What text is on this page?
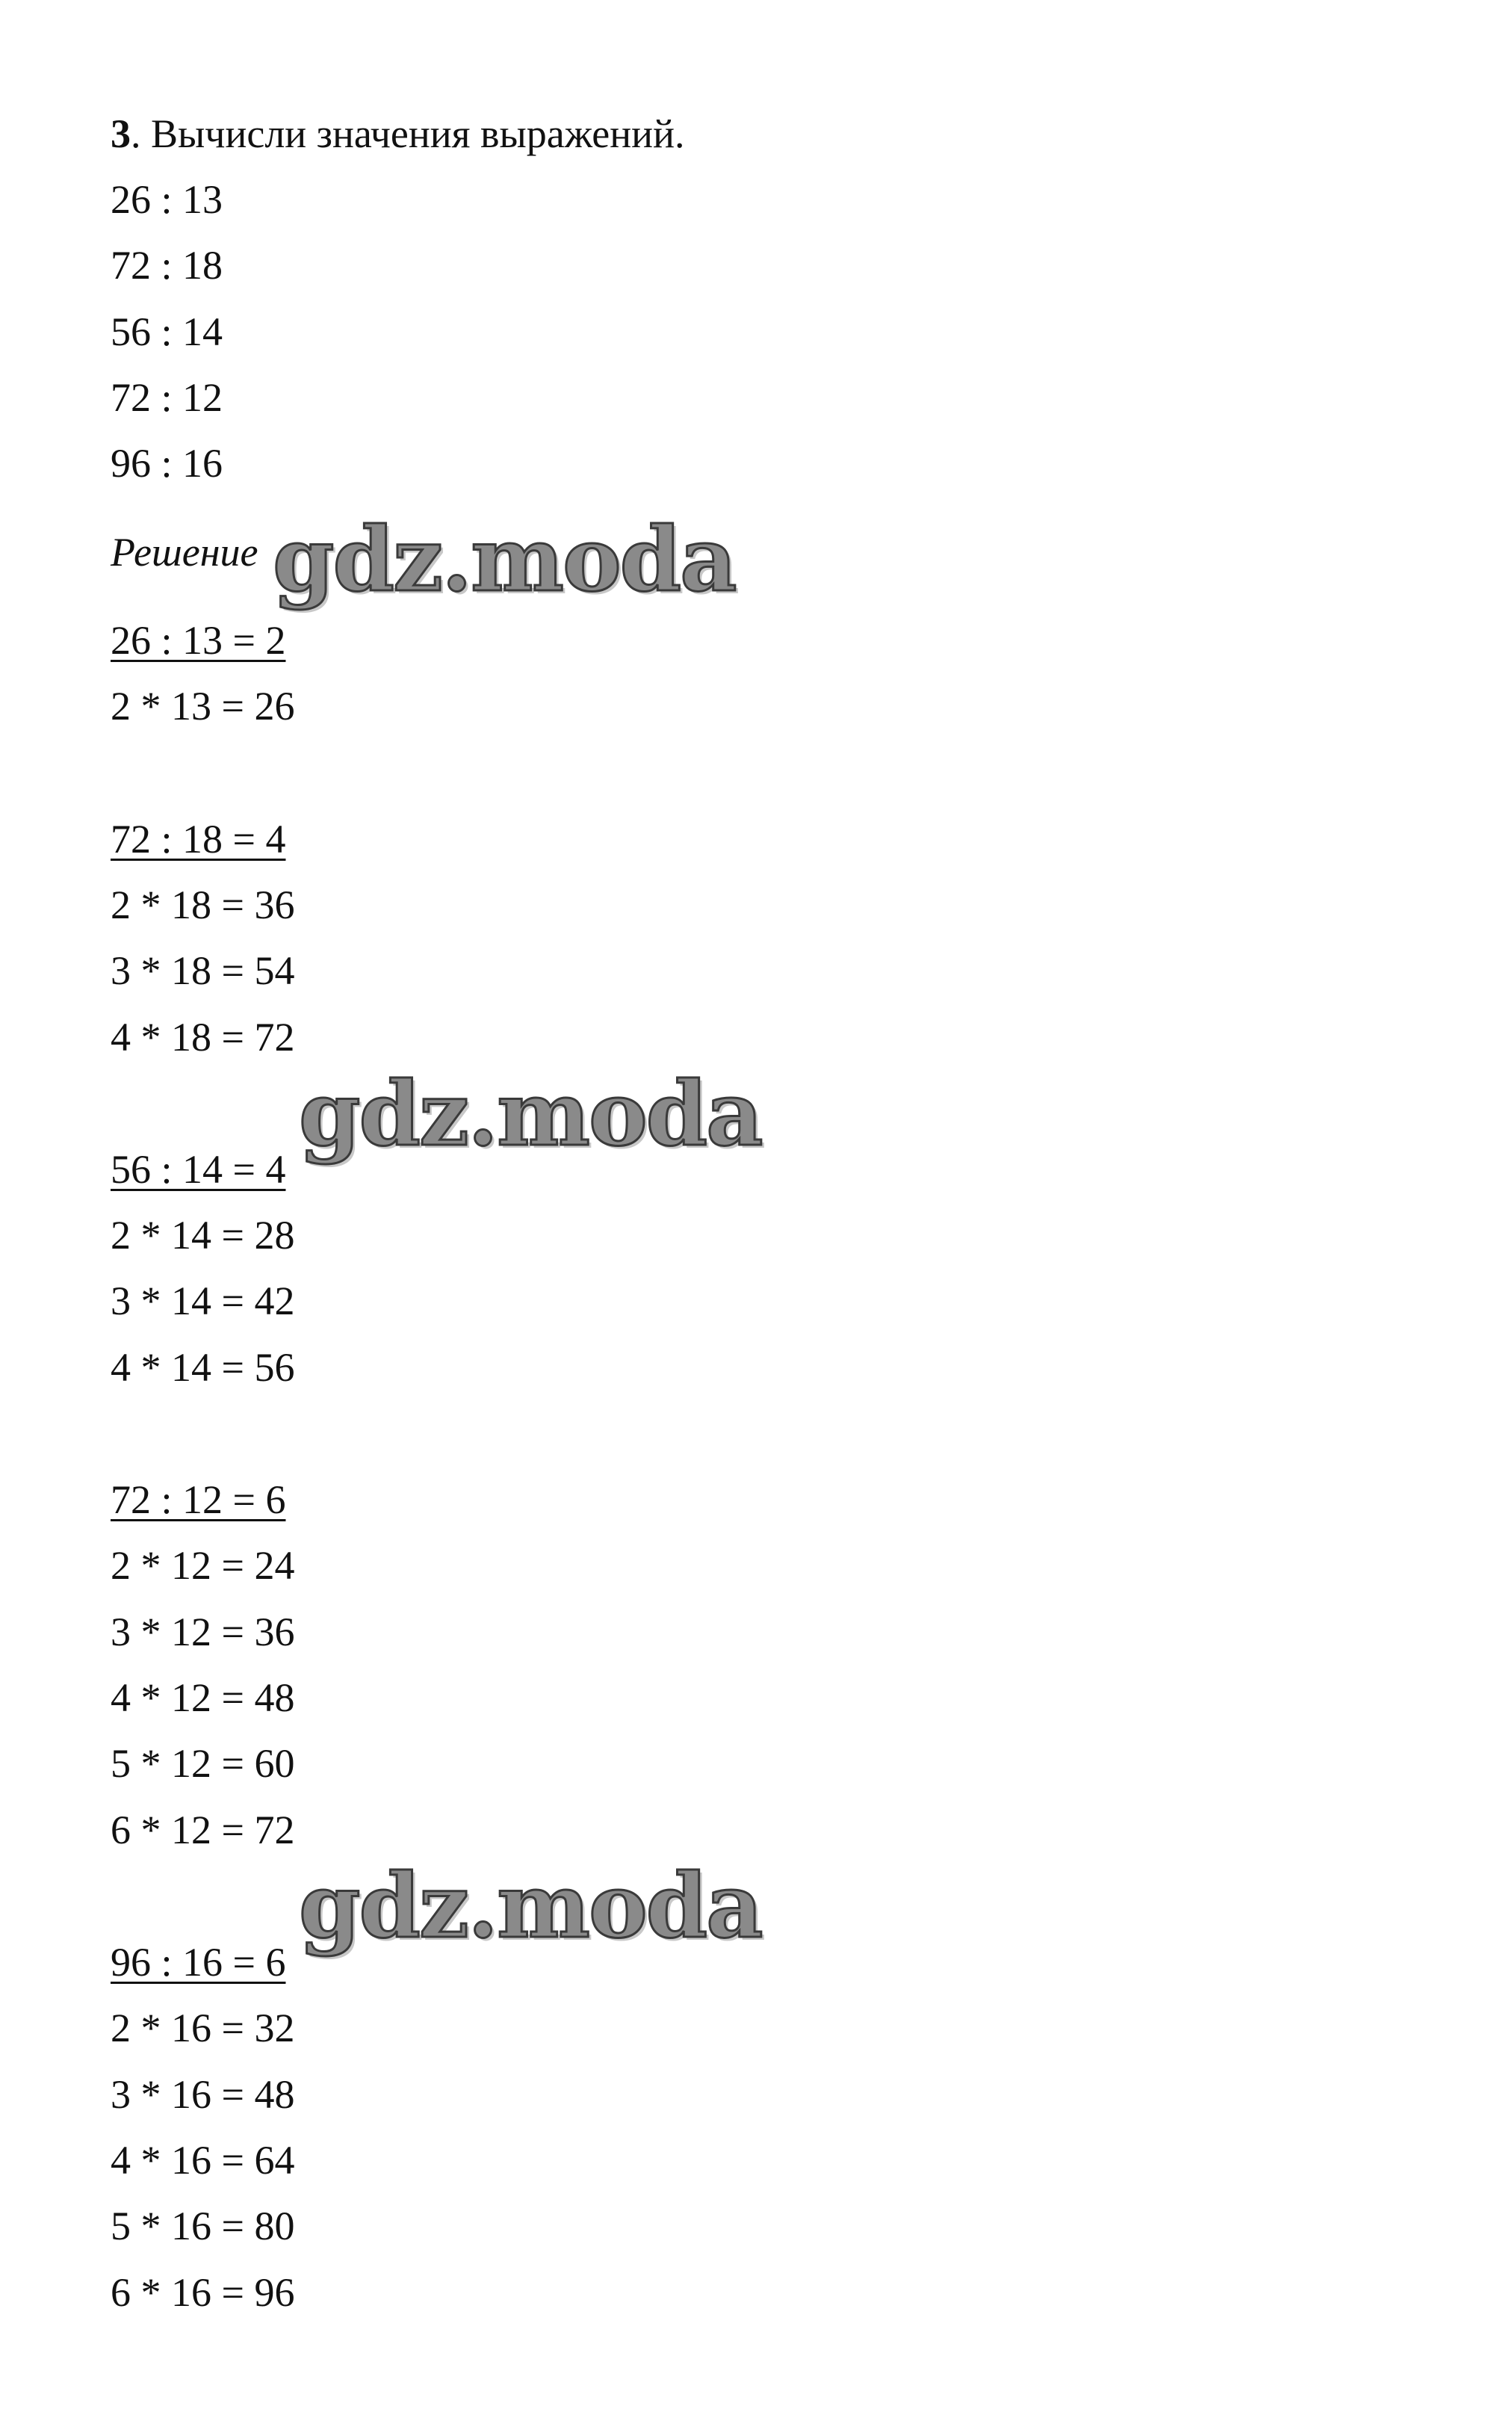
3. Вычисли значения выражений.
26 : 13
72 : 18
56 : 14
72 : 12
96 : 16
Решение gdz.moda
26 : 13 = 2
2 * 13 = 26
72 : 18 = 4
2 * 18 = 36
3 * 18 = 54
4 * 18 = 72
gdz.moda
56 : 14 = 4
2 * 14 = 28
3 * 14 = 42
4 * 14 = 56
72 : 12 = 6
2 * 12 = 24
3 * 12 = 36
4 * 12 = 48
5 * 12 = 60
6 * 12 = 72
gdz.moda
96 : 16 = 6
2 * 16 = 32
3 * 16 = 48
4 * 16 = 64
5 * 16 = 80
6 * 16 = 96
